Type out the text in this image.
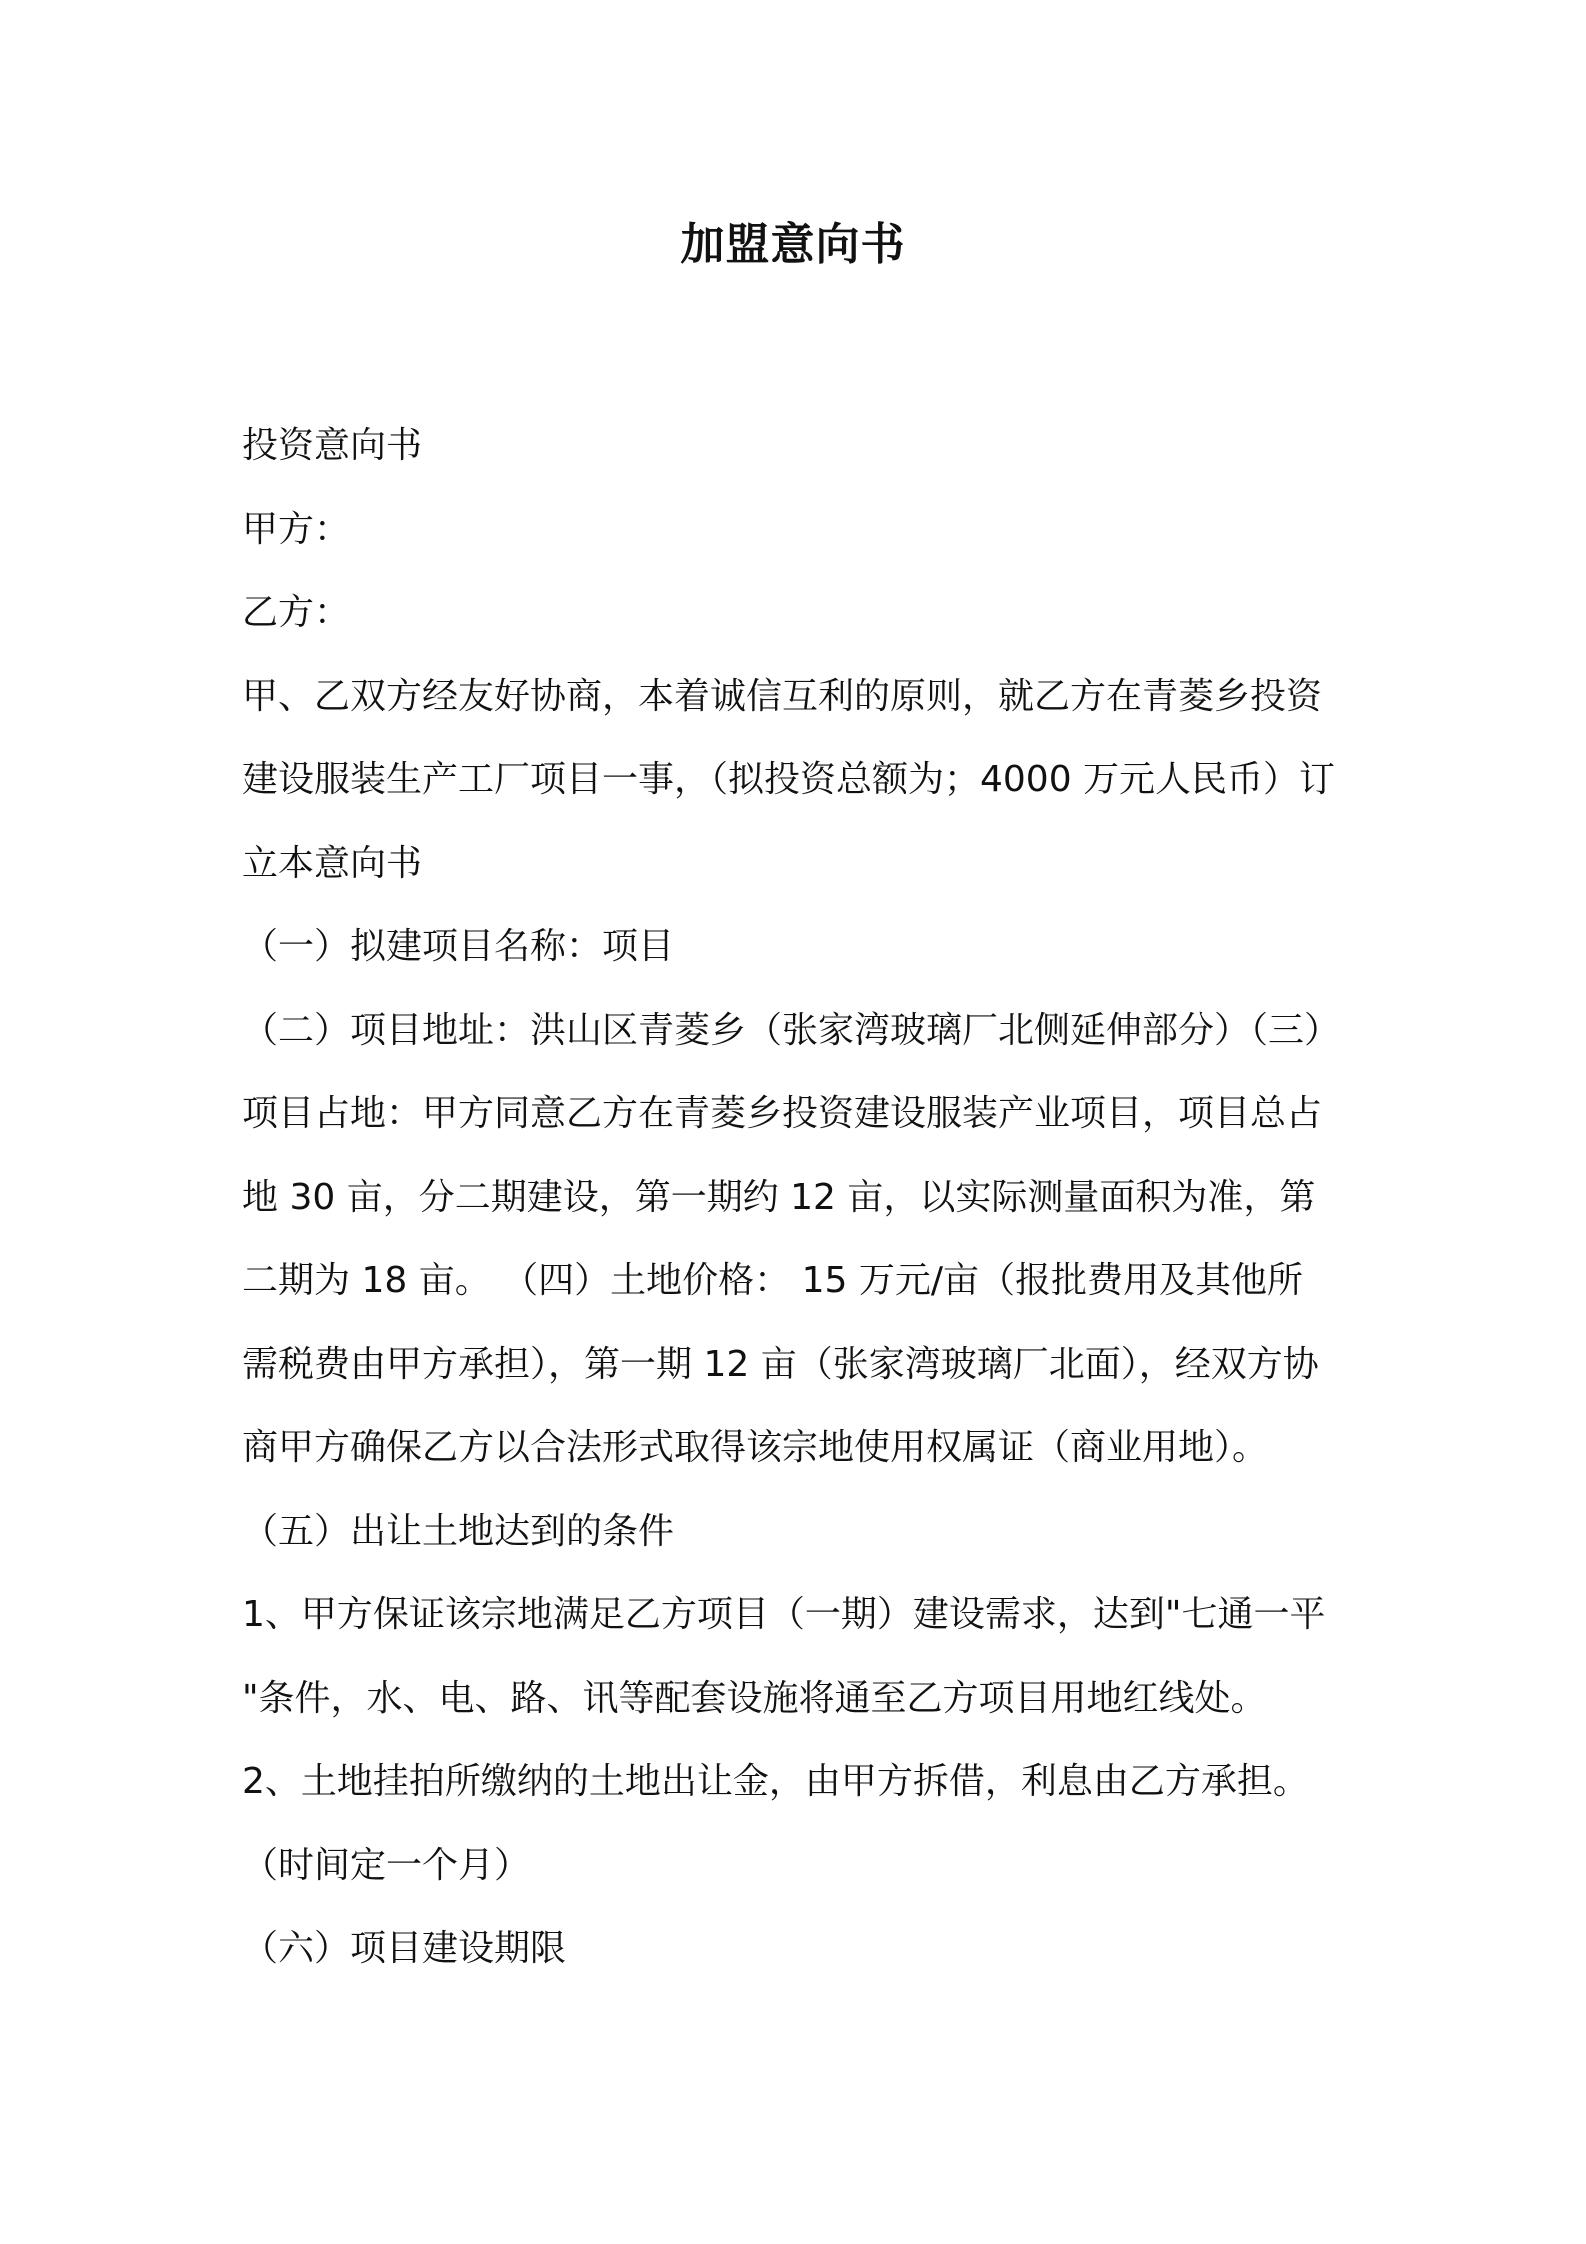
加盟意向书
投资意向书
甲方：
乙方：
甲、乙双方经友好协商，本着诚信互利的原则，就乙方在青菱乡投资
建设服装生产工厂项目一事，（拟投资总额为；4000 万元人民币）订
立本意向书
（一）拟建项目名称：项目
（二）项目地址：洪山区青菱乡（张家湾玻璃厂北侧延伸部分）（三）
项目占地：甲方同意乙方在青菱乡投资建设服装产业项目，项目总占
地 30 亩，分二期建设，第一期约 12 亩，以实际测量面积为准，第
二期为 18 亩。 （四）土地价格： 15 万元/亩（报批费用及其他所
需税费由甲方承担），第一期 12 亩（张家湾玻璃厂北面），经双方协
商甲方确保乙方以合法形式取得该宗地使用权属证（商业用地）。
（五）出让土地达到的条件
1、甲方保证该宗地满足乙方项目（一期）建设需求，达到"七通一平
"条件，水、电、路、讯等配套设施将通至乙方项目用地红线处。
2、土地挂拍所缴纳的土地出让金，由甲方拆借，利息由乙方承担。
（时间定一个月）
（六）项目建设期限
